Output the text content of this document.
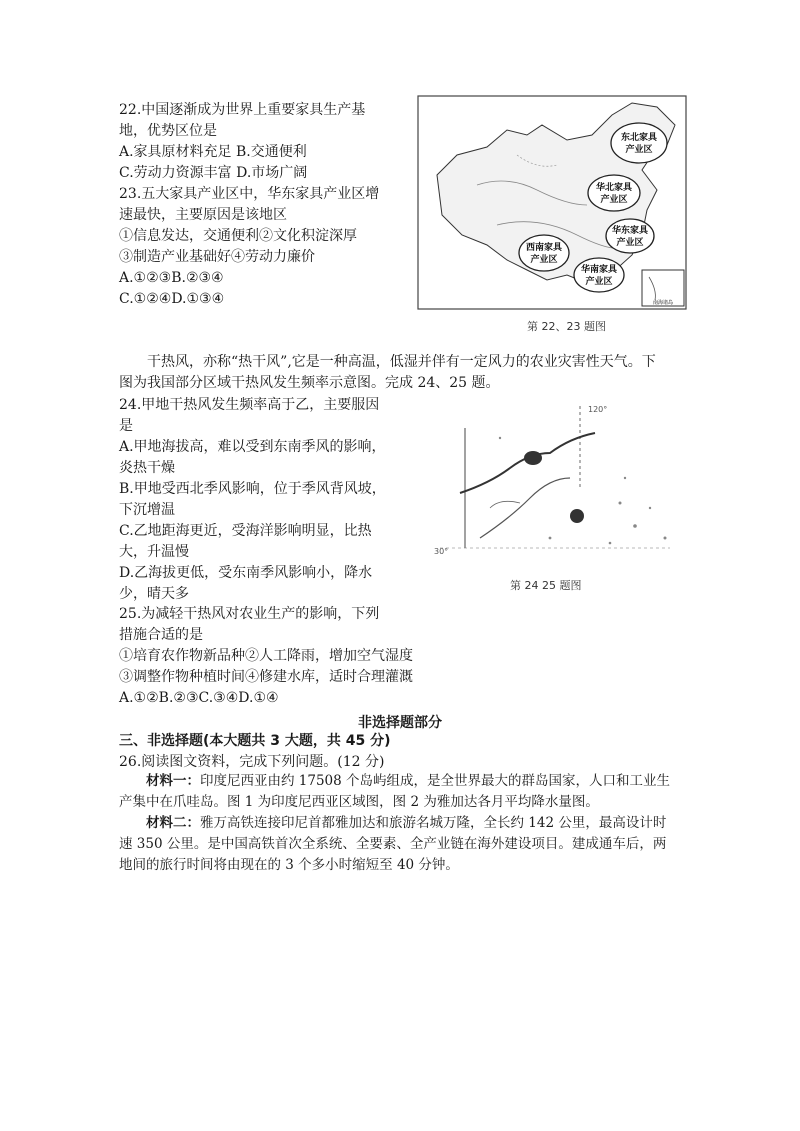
22.中国逐渐成为世界上重要家具生产基
地，优势区位是
A.家具原材料充足 B.交通便利
C.劳动力资源丰富 D.市场广阔
23.五大家具产业区中，华东家具产业区增
速最快，主要原因是该地区
①信息发达，交通便利②文化积淀深厚
③制造产业基础好④劳动力廉价
A.①②③B.②③④
C.①②④D.①③④
东北家具
产业区
华北家具
产业区
华东家具
产业区
西南家具
产业区
华南家具
产业区
南海诸岛
第 22、23 题图
干热风，亦称“热干风”,它是一种高温，低湿并伴有一定风力的农业灾害性天气。下
图为我国部分区域干热风发生频率示意图。完成 24、25 题。
24.甲地干热风发生频率高于乙，主要服因
是
A.甲地海拔高，难以受到东南季风的影响，
炎热干燥
B.甲地受西北季风影响，位于季风背风坡，
下沉增温
C.乙地距海更近，受海洋影响明显，比热
大，升温慢
D.乙海拔更低，受东南季风影响小，降水
少，晴天多
120°
30°
第 24 25 题图
25.为减轻干热风对农业生产的影响，下列
措施合适的是
①培育农作物新品种②人工降雨，增加空气湿度
③调整作物种植时间④修建水库，适时合理灌溉
A.①②B.②③C.③④D.①④
非选择题部分
三、非选择题(本大题共 3 大题，共 45 分)
26.阅读图文资料，完成下列问题。(12 分)

材料一：印度尼西亚由约 17508 个岛屿组成，是全世界最大的群岛国家，人口和工业生产集中在爪哇岛。图 1 为印度尼西亚区域图，图 2 为雅加达各月平均降水量图。

材料二：雅万高铁连接印尼首都雅加达和旅游名城万隆，全长约 142 公里，最高设计时速 350 公里。是中国高铁首次全系统、全要素、全产业链在海外建设项目。建成通车后，两地间的旅行时间将由现在的 3 个多小时缩短至 40 分钟。
